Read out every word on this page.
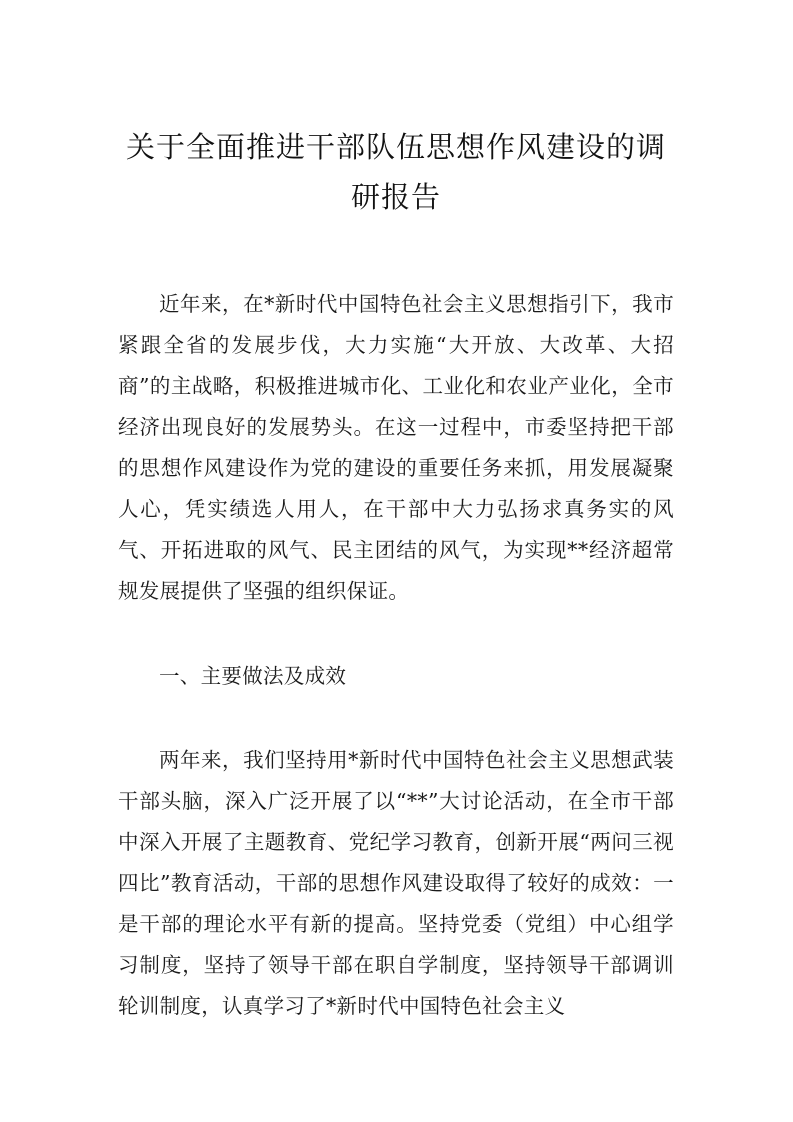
关于全面推进干部队伍思想作风建设的调研报告
近年来，在*新时代中国特色社会主义思想指引下，我市紧跟全省的发展步伐，大力实施“大开放、大改革、大招商”的主战略，积极推进城市化、工业化和农业产业化，全市经济出现良好的发展势头。在这一过程中，市委坚持把干部的思想作风建设作为党的建设的重要任务来抓，用发展凝聚人心，凭实绩选人用人，在干部中大力弘扬求真务实的风气、开拓进取的风气、民主团结的风气，为实现**经济超常规发展提供了坚强的组织保证。
一、主要做法及成效
两年来，我们坚持用*新时代中国特色社会主义思想武装干部头脑，深入广泛开展了以“**”大讨论活动，在全市干部中深入开展了主题教育、党纪学习教育，创新开展“两问三视四比”教育活动，干部的思想作风建设取得了较好的成效：一是干部的理论水平有新的提高。坚持党委（党组）中心组学习制度，坚持了领导干部在职自学制度，坚持领导干部调训轮训制度，认真学习了*新时代中国特色社会主义
